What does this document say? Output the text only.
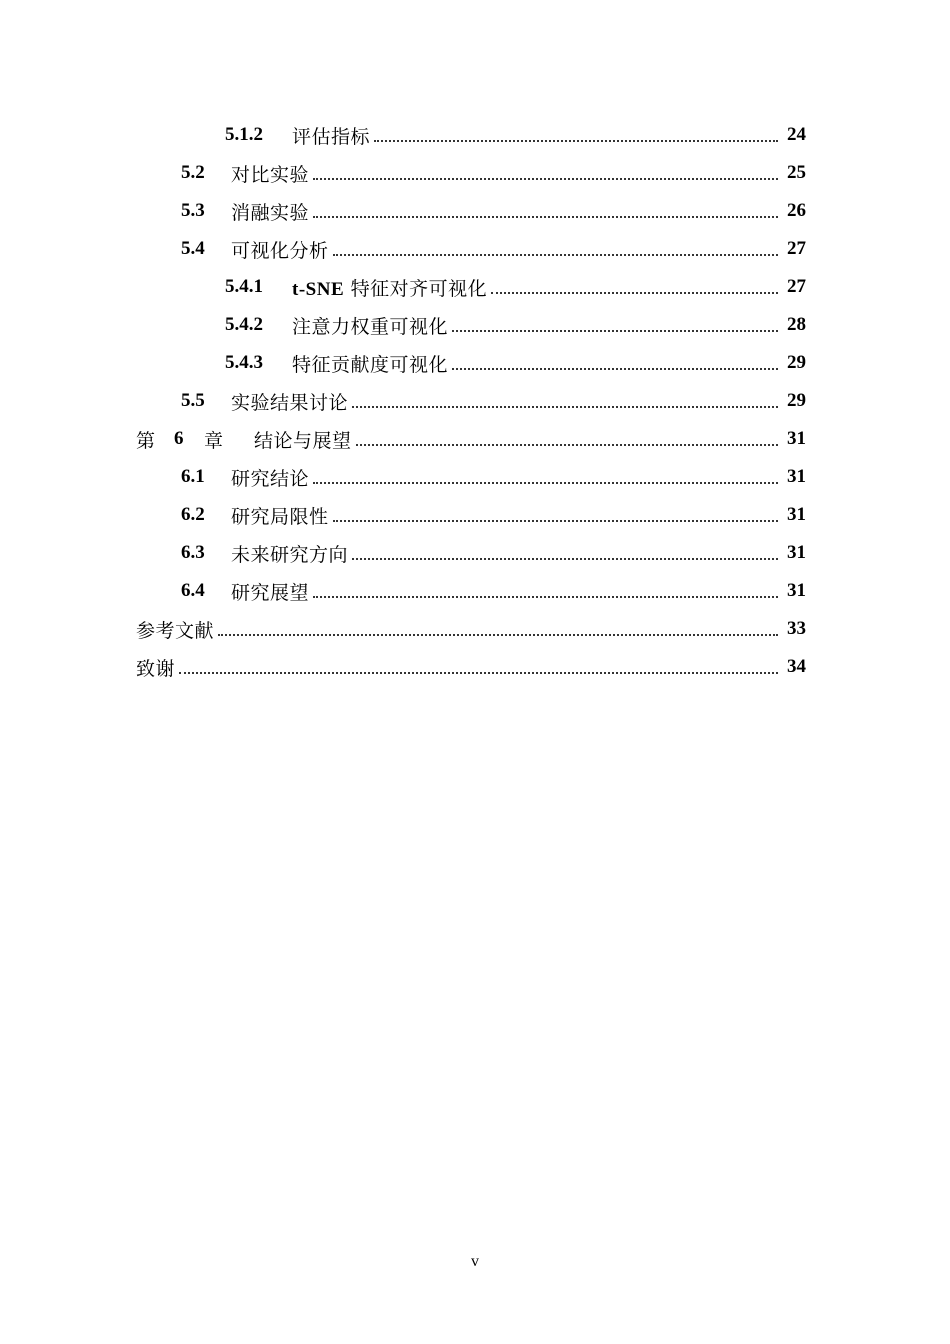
5.1.2	评估指标	24
5.2	对比实验	25
5.3	消融实验	26
5.4	可视化分析	27
5.4.1	t-SNE 特征对齐可视化	27
5.4.2	注意力权重可视化	28
5.4.3	特征贡献度可视化	29
5.5	实验结果讨论	29
第 6	章	结论与展望	31
6.1	研究结论	31
6.2	研究局限性	31
6.3	未来研究方向	31
6.4	研究展望	31
参考文献	33
致谢	34
v
